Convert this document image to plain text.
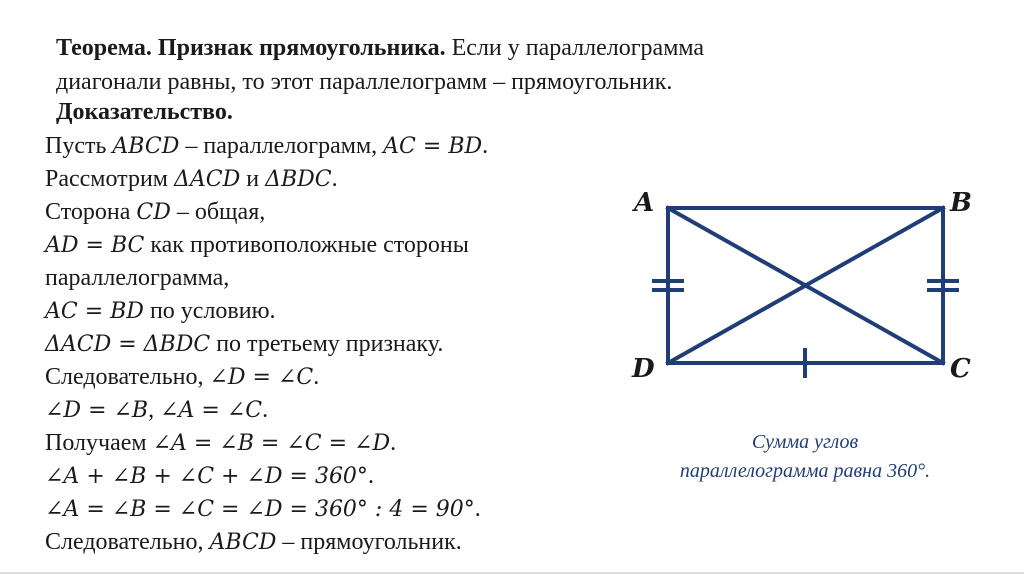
Теорема. Признак прямоугольника. Если у параллелограмма
диагонали равны, то этот параллелограмм – прямоугольник.
Доказательство.
Пусть ABCD – параллелограмм, AC = BD.
Рассмотрим ΔACD и ΔBDC.
Сторона CD – общая,
AD = BC как противоположные стороны
параллелограмма,
AC = BD по условию.
ΔACD = ΔBDC по третьему признаку.
Следовательно, ∠D = ∠C.
∠D = ∠B, ∠A = ∠C.
Получаем ∠A = ∠B = ∠C = ∠D.
∠A + ∠B + ∠C + ∠D = 360°.
∠A = ∠B = ∠C = ∠D = 360° : 4 = 90°.
Следовательно, ABCD – прямоугольник.
A	B
C
D
Сумма углов
параллелограмма равна 360°.
